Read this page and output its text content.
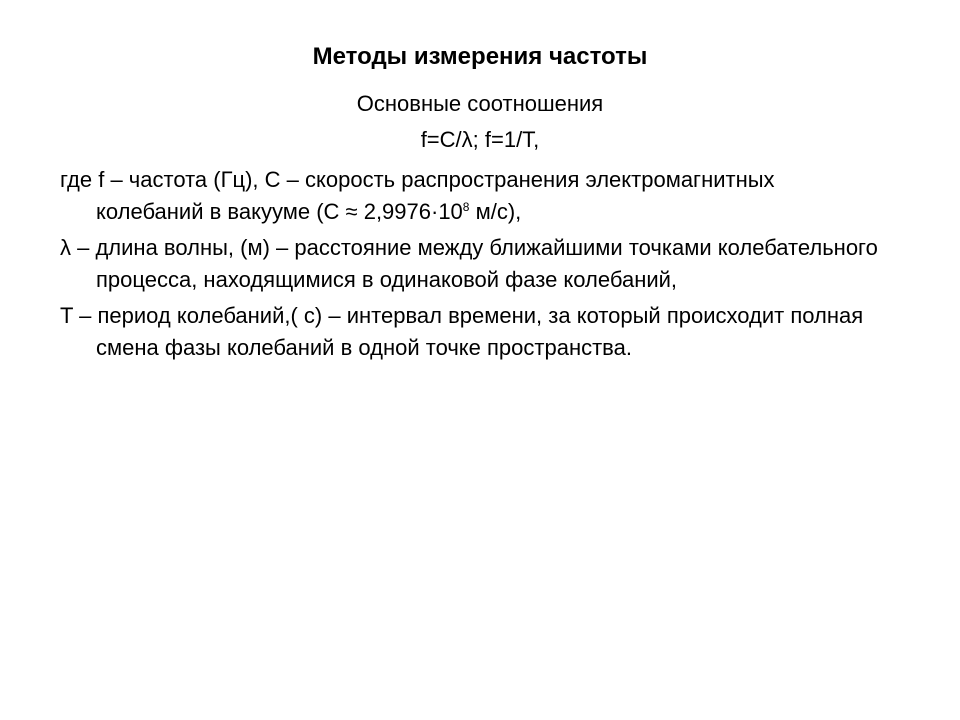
Методы измерения частоты
Основные соотношения
f=C/λ; f=1/T,
где f – частота (Гц), C – скорость распространения электромагнитных колебаний в вакууме ($C \approx 2,9976\cdot 10^8$ м/с),
λ – длина волны, (м) – расстояние между ближайшими точками колебательного процесса, находящимися в одинаковой фазе колебаний,
T – период колебаний,( c) – интервал времени, за который происходит полная смена фазы колебаний в одной точке пространства.
